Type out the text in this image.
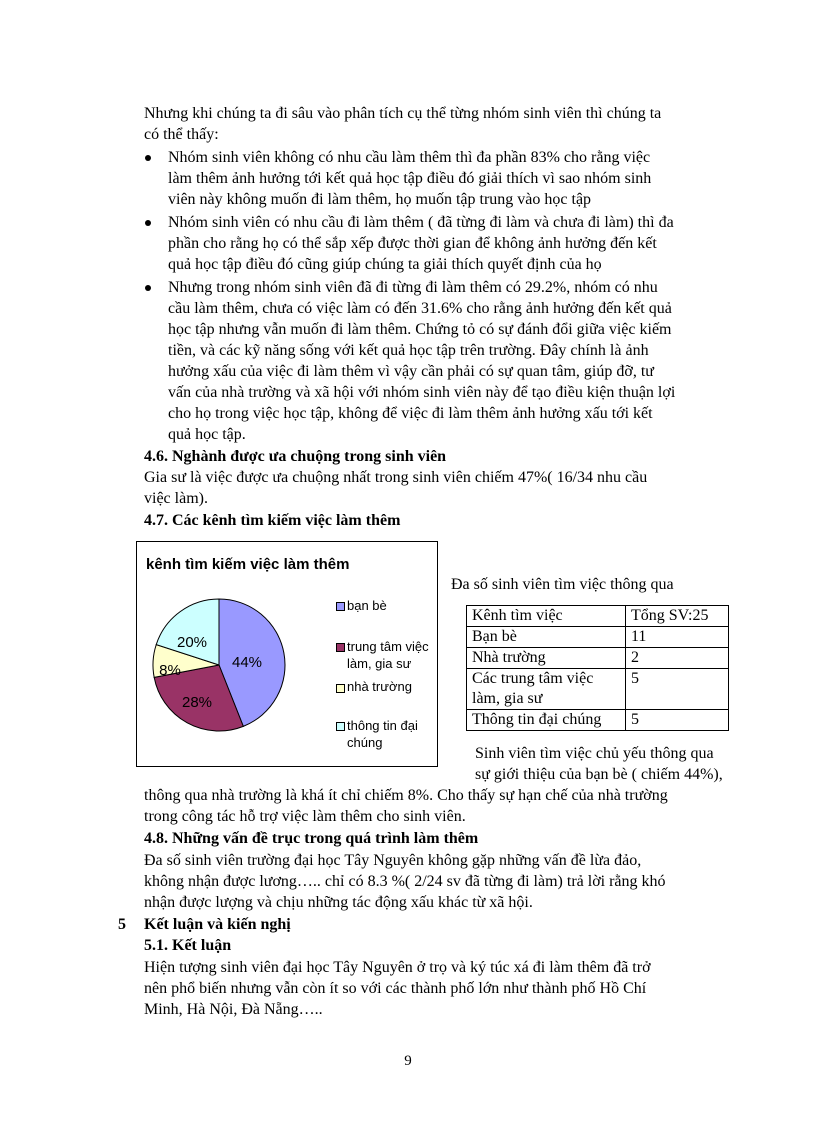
Nhưng khi chúng ta đi sâu vào phân tích cụ thể từng nhóm sinh viên thì chúng ta
có thể thấy:
Nhóm sinh viên không có nhu cầu làm thêm thì đa phần 83% cho rằng việc
làm thêm ảnh hưởng tới kết quả học tập điều đó giải thích vì sao nhóm sinh
viên này không muốn đi làm thêm, họ muốn tập trung vào học tập
Nhóm sinh viên có nhu cầu đi làm thêm ( đã từng đi làm và chưa đi làm) thì đa
phần cho rằng họ có thể sắp xếp được thời gian để không ảnh hưởng đến kết
quả học tập điều đó cũng giúp chúng ta giải thích quyết định của họ
Nhưng trong nhóm sinh viên đã đi từng đi làm thêm có 29.2%, nhóm có nhu
cầu làm thêm, chưa có việc làm có đến 31.6% cho rằng ảnh hưởng đến kết quả
học tập nhưng vẫn muốn đi làm thêm. Chứng tỏ có sự đánh đổi giữa việc kiếm
tiền, và các kỹ năng sống với kết quả học tập trên trường. Đây chính là ảnh
hưởng xấu của việc đi làm thêm vì vậy cần phải có sự quan tâm, giúp đỡ, tư
vấn của nhà trường và xã hội với nhóm sinh viên này để tạo điều kiện thuận lợi
cho họ trong việc học tập, không để việc đi làm thêm ảnh hưởng xấu tới kết
quả học tập.
4.6. Nghành được ưa chuộng trong sinh viên
Gia sư là việc được ưa chuộng nhất trong sinh viên chiếm 47%( 16/34 nhu cầu
việc làm).
4.7. Các kênh tìm kiếm việc làm thêm
kênh tìm kiếm việc làm thêm
44%
28%
8%
20%
bạn bè
trung tâm việc
làm, gia sư
nhà trường
thông tin đại
chúng
Đa số sinh viên tìm việc thông qua
Kênh tìm việc	Tổng SV:25
Bạn bè	11
Nhà trường	2
Các trung tâm việc làm, gia sư	5
Thông tin đại chúng	5
Sinh viên tìm việc chủ yếu thông qua
sự giới thiệu của bạn bè ( chiếm 44%),
thông qua nhà trường là khá ít chỉ chiếm 8%. Cho thấy sự hạn chế của nhà trường
trong công tác hỗ trợ việc làm thêm cho sinh viên.
4.8. Những vấn đề trục trong quá trình làm thêm
Đa số sinh viên trường đại học Tây Nguyên không gặp những vấn đề lừa đảo,
không nhận được lương….. chỉ có 8.3 %( 2/24 sv đã từng đi làm) trả lời rằng khó
nhận được lượng và chịu những tác động xấu khác từ xã hội.
5 Kết luận và kiến nghị
5.1. Kết luận
Hiện tượng sinh viên đại học Tây Nguyên ở trọ và ký túc xá đi làm thêm đã trở
nên phổ biến nhưng vẫn còn ít so với các thành phố lớn như thành phố Hồ Chí
Minh, Hà Nội, Đà Nẵng…..
9
